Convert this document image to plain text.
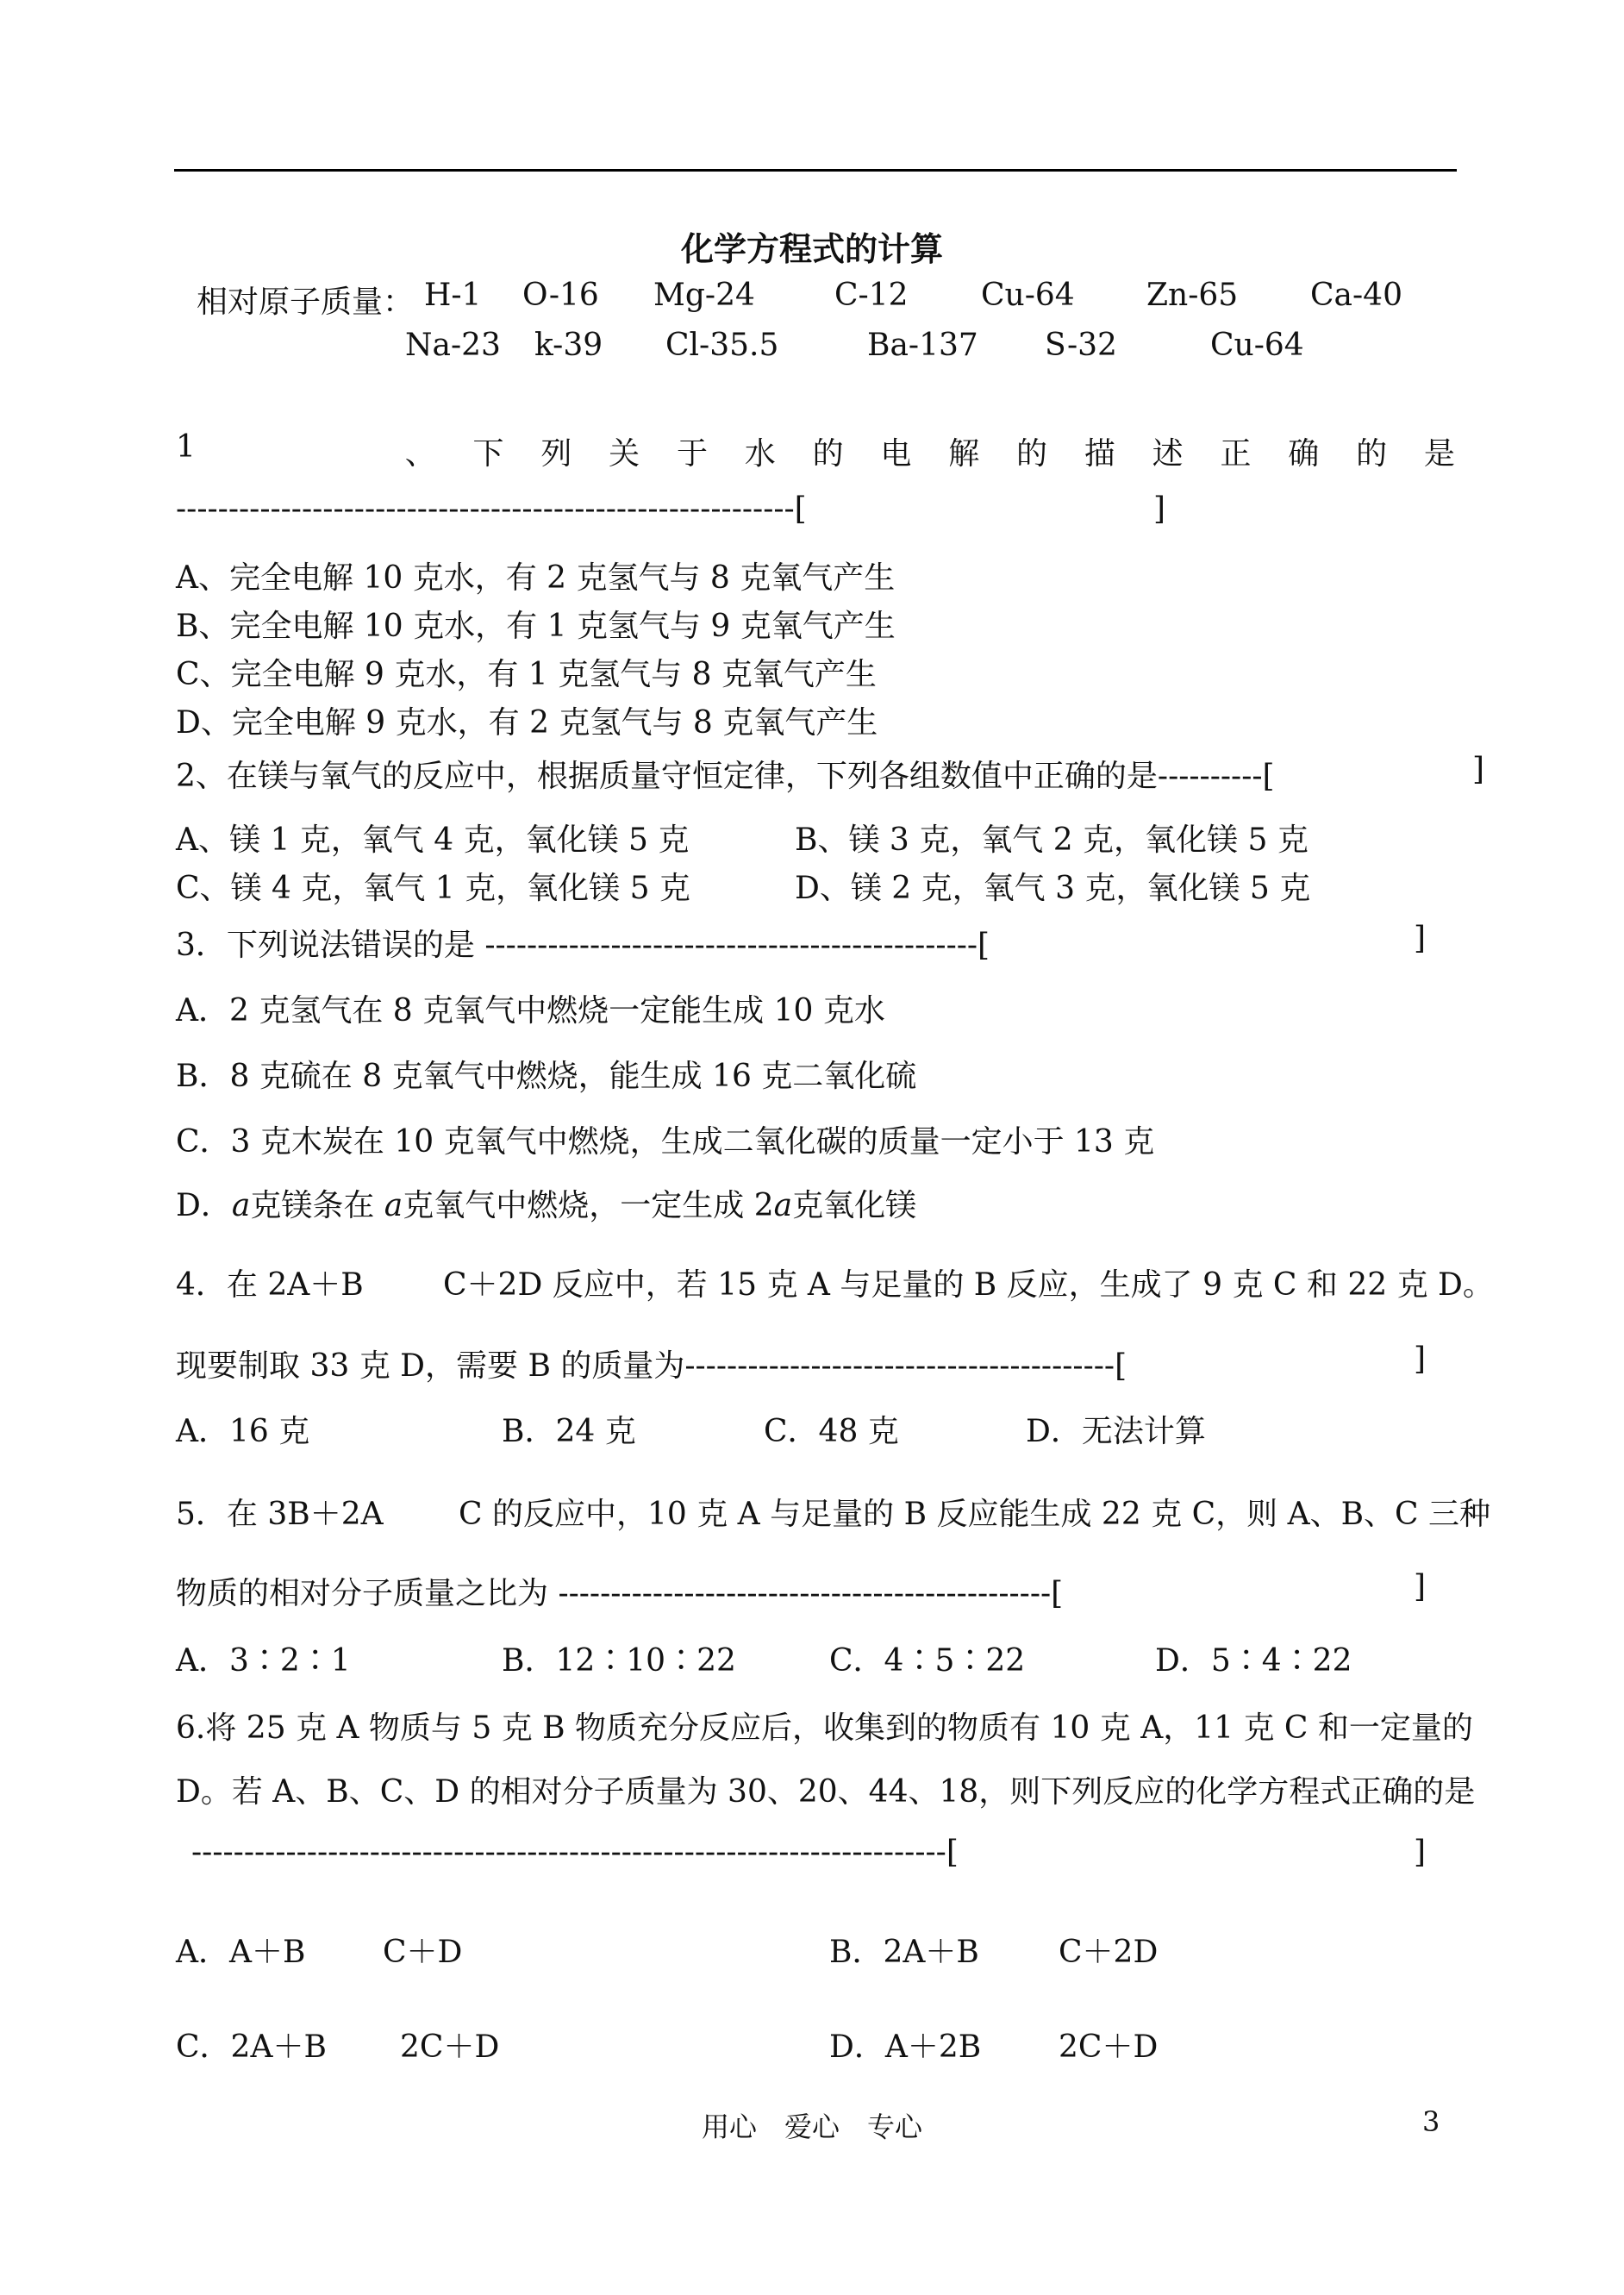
化学方程式的计算
相对原子质量： H-1 O-16 Mg-24	C-12 Cu-64 Zn-65 Ca-40
Na-23 k-39 Cl-35.5	Ba-137 S-32	Cu-64
1	、 下 列 关 于 水 的 电 解 的 描 述 正 确 的 是
-----------------------------------------------------------[	]
A、完全电解 10 克水，有 2 克氢气与 8 克氧气产生
B、完全电解 10 克水，有 1 克氢气与 9 克氧气产生
C、完全电解 9 克水，有 1 克氢气与 8 克氧气产生
D、完全电解 9 克水，有 2 克氢气与 8 克氧气产生
2、在镁与氧气的反应中，根据质量守恒定律，下列各组数值中正确的是----------[	]
A、镁 1 克，氧气 4 克，氧化镁 5 克	B、镁 3 克，氧气 2 克，氧化镁 5 克
C、镁 4 克，氧气 1 克，氧化镁 5 克	D、镁 2 克，氧气 3 克，氧化镁 5 克
3．下列说法错误的是 -----------------------------------------------[	]
A．2 克氢气在 8 克氧气中燃烧一定能生成 10 克水
B．8 克硫在 8 克氧气中燃烧，能生成 16 克二氧化硫
C．3 克木炭在 10 克氧气中燃烧，生成二氧化碳的质量一定小于 13 克
D．a克镁条在 a克氧气中燃烧，一定生成 2a克氧化镁
4．在 2A＋B	C＋2D 反应中，若 15 克 A 与足量的 B 反应，生成了 9 克 C 和 22 克 D。
现要制取 33 克 D，需要 B 的质量为-----------------------------------------[	]
A．16 克	B．24 克	C．48 克	D．无法计算
5．在 3B＋2A C 的反应中，10 克 A 与足量的 B 反应能生成 22 克 C，则 A、B、C 三种
物质的相对分子质量之比为 -----------------------------------------------[	]
A．3∶2∶1	B．12∶10∶22	C．4∶5∶22	D．5∶4∶22
6.将 25 克 A 物质与 5 克 B 物质充分反应后，收集到的物质有 10 克 A，11 克 C 和一定量的
D。若 A、B、C、D 的相对分子质量为 30、20、44、18，则下列反应的化学方程式正确的是
------------------------------------------------------------------------[	]
A．A＋B C＋D	B．2A＋B	C＋2D
C．2A＋B 2C＋D	D．A＋2B 2C＋D
用心　爱心　专心	3
